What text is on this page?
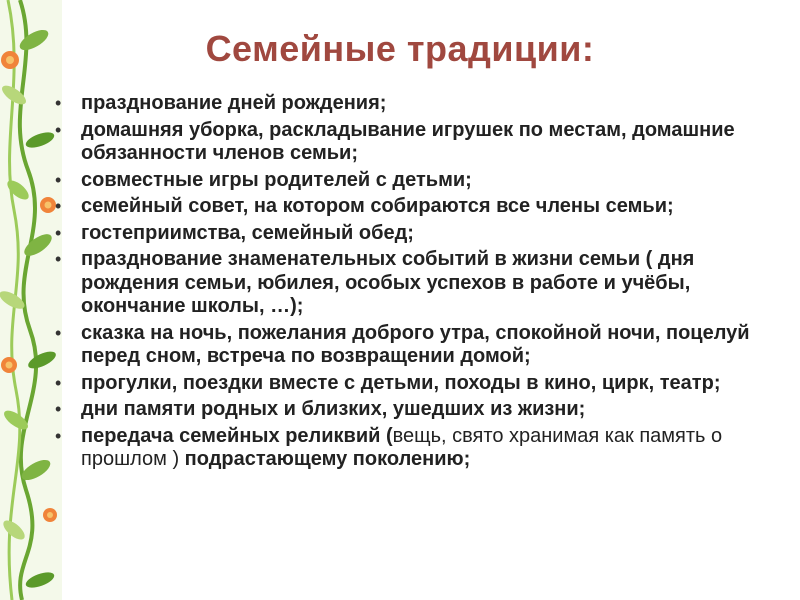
Семейные традиции:
• празднование дней рождения;
• домашняя уборка, раскладывание игрушек по местам, домашние обязанности членов семьи;
• совместные игры родителей с детьми;
• семейный совет, на котором собираются все члены семьи;
• гостеприимства, семейный обед;
• празднование знаменательных событий в жизни семьи ( дня рождения семьи, юбилея, особых успехов в работе и учёбы, окончание школы, …);
• сказка на ночь, пожелания доброго утра, спокойной ночи, поцелуй перед сном, встреча по возвращении домой;
• прогулки, поездки вместе с детьми, походы в кино, цирк, театр;
• дни памяти родных и близких, ушедших из жизни;
• передача семейных реликвий (вещь, свято хранимая как память о прошлом ) подрастающему поколению;
